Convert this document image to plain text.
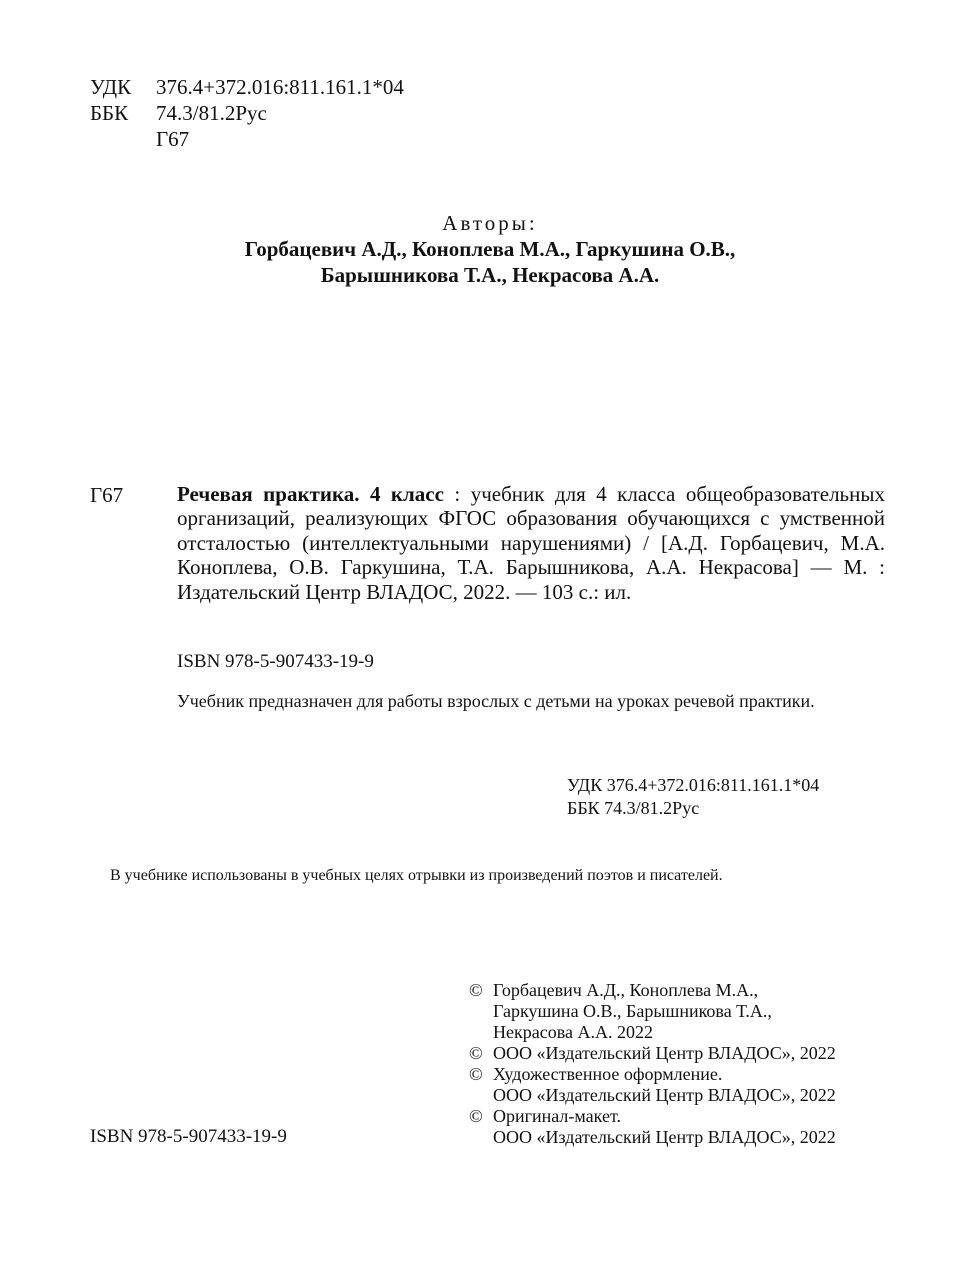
УДК 376.4+372.016:811.161.1*04
ББК 74.3/81.2Рус
Г67
Авторы:
Горбацевич А.Д., Коноплева М.А., Гаркушина О.В.,
Барышникова Т.А., Некрасова А.А.
Г67	Речевая практика. 4 класс : учебник для 4 класса общеобразовательных организаций, реализующих ФГОС образования обучающихся с умственной отсталостью (интеллектуальными нарушениями) / [А.Д. Горбацевич, М.А. Коноплева, О.В. Гаркушина, Т.А. Барышникова, А.А. Некрасова] — М. : Издательский Центр ВЛАДОС, 2022. — 103 с.: ил.
ISBN 978-5-907433-19-9
Учебник предназначен для работы взрослых с детьми на уроках речевой практики.
УДК 376.4+372.016:811.161.1*04
ББК 74.3/81.2Рус
В учебнике использованы в учебных целях отрывки из произведений поэтов и писателей.
© Горбацевич А.Д., Коноплева М.А.,
Гаркушина О.В., Барышникова Т.А.,
Некрасова А.А. 2022
© ООО «Издательский Центр ВЛАДОС», 2022
© Художественное оформление.
ООО «Издательский Центр ВЛАДОС», 2022
© Оригинал-макет.
ООО «Издательский Центр ВЛАДОС», 2022
ISBN 978-5-907433-19-9
